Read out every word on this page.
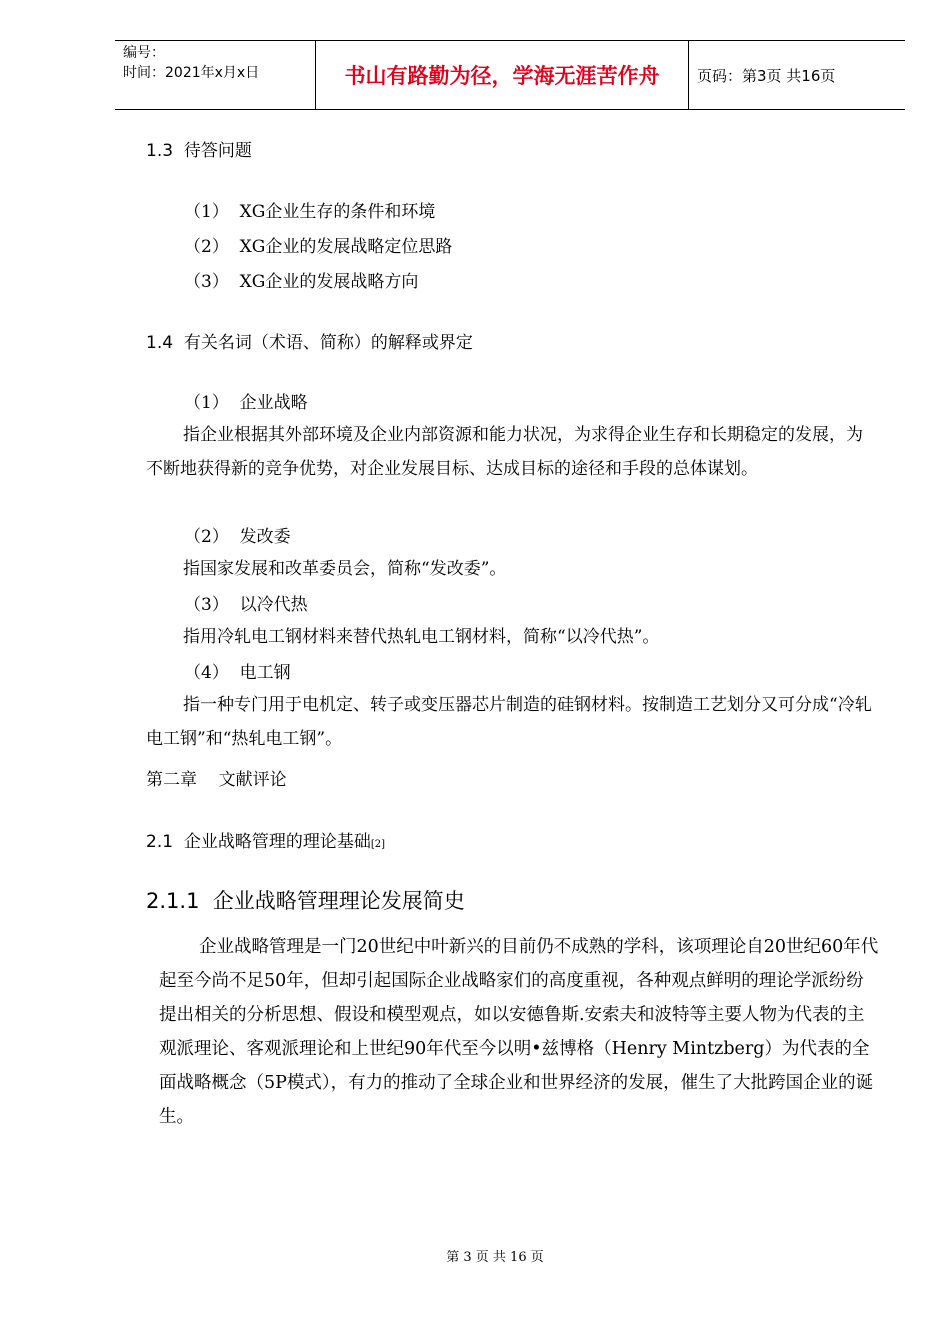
编号：
时间：2021年x月x日	书山有路勤为径，学海无涯苦作舟	页码：第3页 共16页
1.3 待答问题
（1） XG企业生存的条件和环境
（2） XG企业的发展战略定位思路
（3） XG企业的发展战略方向
1.4 有关名词（术语、简称）的解释或界定
（1） 企业战略

指企业根据其外部环境及企业内部资源和能力状况，为求得企业生存和长期稳定的发展，为不断地获得新的竞争优势，对企业发展目标、达成目标的途径和手段的总体谋划。

（2） 发改委

指国家发展和改革委员会，简称“发改委”。

（3） 以冷代热

指用冷轧电工钢材料来替代热轧电工钢材料，简称“以冷代热”。

（4） 电工钢

指一种专门用于电机定、转子或变压器芯片制造的硅钢材料。按制造工艺划分又可分成“冷轧电工钢”和“热轧电工钢”。

第二章    文献评论
2.1 企业战略管理的理论基础[2]
2.1.1 企业战略管理理论发展简史

企业战略管理是一门20世纪中叶新兴的目前仍不成熟的学科，该项理论自20世纪60年代起至今尚不足50年，但却引起国际企业战略家们的高度重视，各种观点鲜明的理论学派纷纷提出相关的分析思想、假设和模型观点，如以安德鲁斯.安索夫和波特等主要人物为代表的主观派理论、客观派理论和上世纪90年代至今以明•兹博格（Henry Mintzberg）为代表的全面战略概念（5P模式），有力的推动了全球企业和世界经济的发展，催生了大批跨国企业的诞生。

第 3 页 共 16 页
